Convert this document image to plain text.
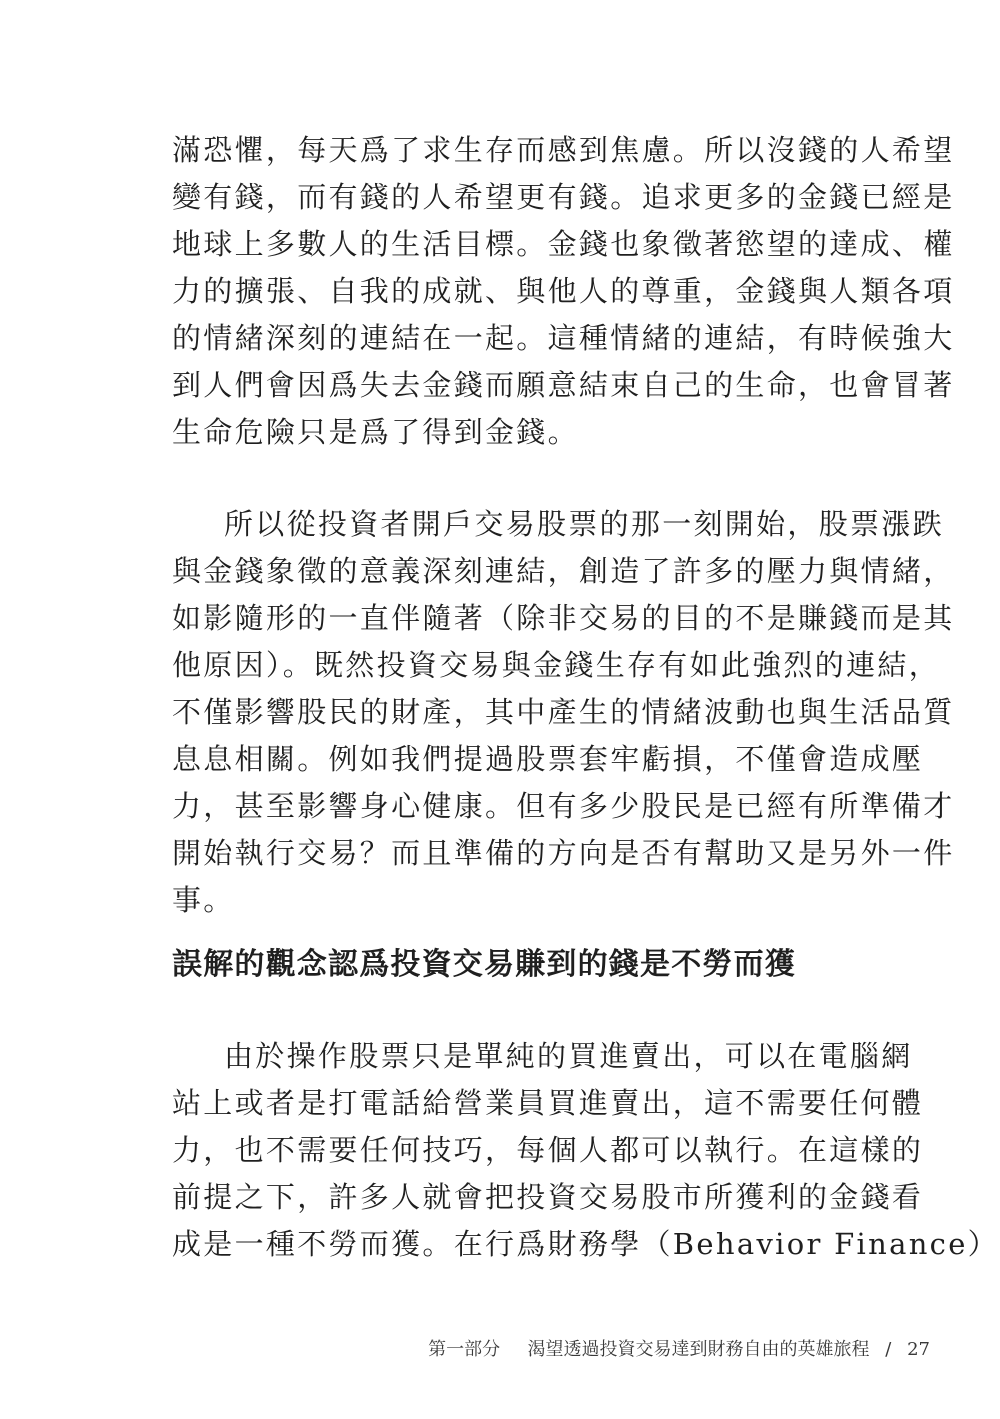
滿恐懼，每天爲了求生存而感到焦慮。所以沒錢的人希望
變有錢，而有錢的人希望更有錢。追求更多的金錢已經是
地球上多數人的生活目標。金錢也象徵著慾望的達成、權
力的擴張、自我的成就、與他人的尊重，金錢與人類各項
的情緒深刻的連結在一起。這種情緒的連結，有時候強大
到人們會因爲失去金錢而願意結束自己的生命，也會冒著
生命危險只是爲了得到金錢。
所以從投資者開戶交易股票的那一刻開始，股票漲跌
與金錢象徵的意義深刻連結，創造了許多的壓力與情緒，
如影隨形的一直伴隨著（除非交易的目的不是賺錢而是其
他原因）。既然投資交易與金錢生存有如此強烈的連結，
不僅影響股民的財產，其中產生的情緒波動也與生活品質
息息相關。例如我們提過股票套牢虧損，不僅會造成壓
力，甚至影響身心健康。但有多少股民是已經有所準備才
開始執行交易？而且準備的方向是否有幫助又是另外一件
事。
誤解的觀念認爲投資交易賺到的錢是不勞而獲
由於操作股票只是單純的買進賣出，可以在電腦網
站上或者是打電話給營業員買進賣出，這不需要任何體
力，也不需要任何技巧，每個人都可以執行。在這樣的
前提之下，許多人就會把投資交易股市所獲利的金錢看
成是一種不勞而獲。在行爲財務學（Behavior Finance）
第一部分 渴望透過投資交易達到財務自由的英雄旅程 / 27
